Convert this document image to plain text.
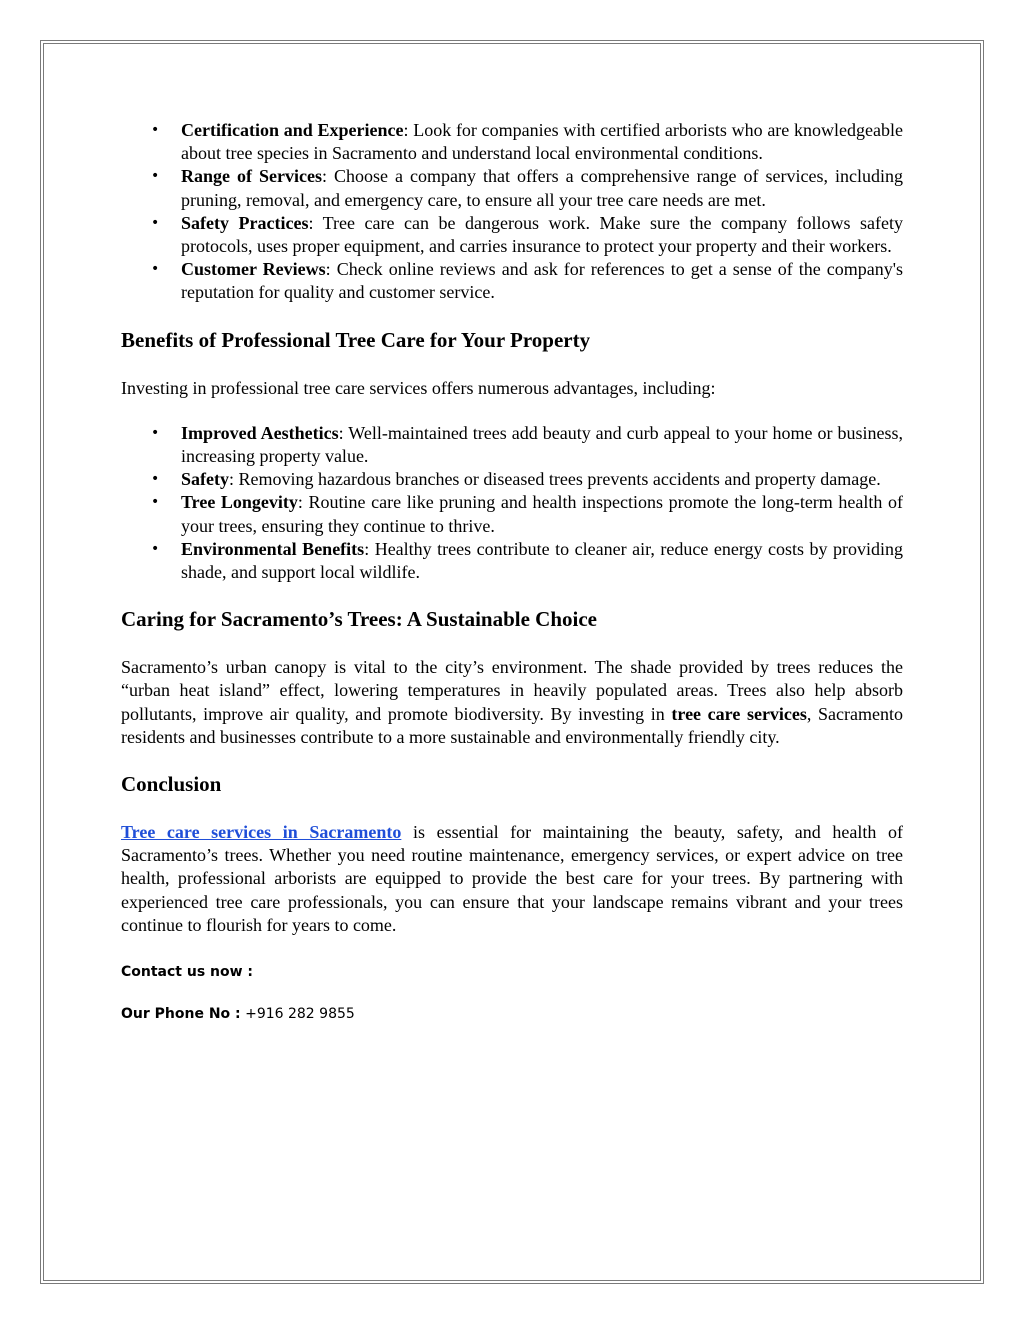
• Certification and Experience: Look for companies with certified arborists who are knowledgeable about tree species in Sacramento and understand local environmental conditions.
• Range of Services: Choose a company that offers a comprehensive range of services, including pruning, removal, and emergency care, to ensure all your tree care needs are met.
• Safety Practices: Tree care can be dangerous work. Make sure the company follows safety protocols, uses proper equipment, and carries insurance to protect your property and their workers.
• Customer Reviews: Check online reviews and ask for references to get a sense of the company's reputation for quality and customer service.
Benefits of Professional Tree Care for Your Property

Investing in professional tree care services offers numerous advantages, including:

• Improved Aesthetics: Well-maintained trees add beauty and curb appeal to your home or business, increasing property value.
• Safety: Removing hazardous branches or diseased trees prevents accidents and property damage.
• Tree Longevity: Routine care like pruning and health inspections promote the long-term health of your trees, ensuring they continue to thrive.
• Environmental Benefits: Healthy trees contribute to cleaner air, reduce energy costs by providing shade, and support local wildlife.
Caring for Sacramento’s Trees: A Sustainable Choice

Sacramento’s urban canopy is vital to the city’s environment. The shade provided by trees reduces the “urban heat island” effect, lowering temperatures in heavily populated areas. Trees also help absorb pollutants, improve air quality, and promote biodiversity. By investing in tree care services, Sacramento residents and businesses contribute to a more sustainable and environmentally friendly city.

Conclusion

Tree care services in Sacramento is essential for maintaining the beauty, safety, and health of Sacramento’s trees. Whether you need routine maintenance, emergency services, or expert advice on tree health, professional arborists are equipped to provide the best care for your trees. By partnering with experienced tree care professionals, you can ensure that your landscape remains vibrant and your trees continue to flourish for years to come.

Contact us now :
Our Phone No : +916 282 9855
